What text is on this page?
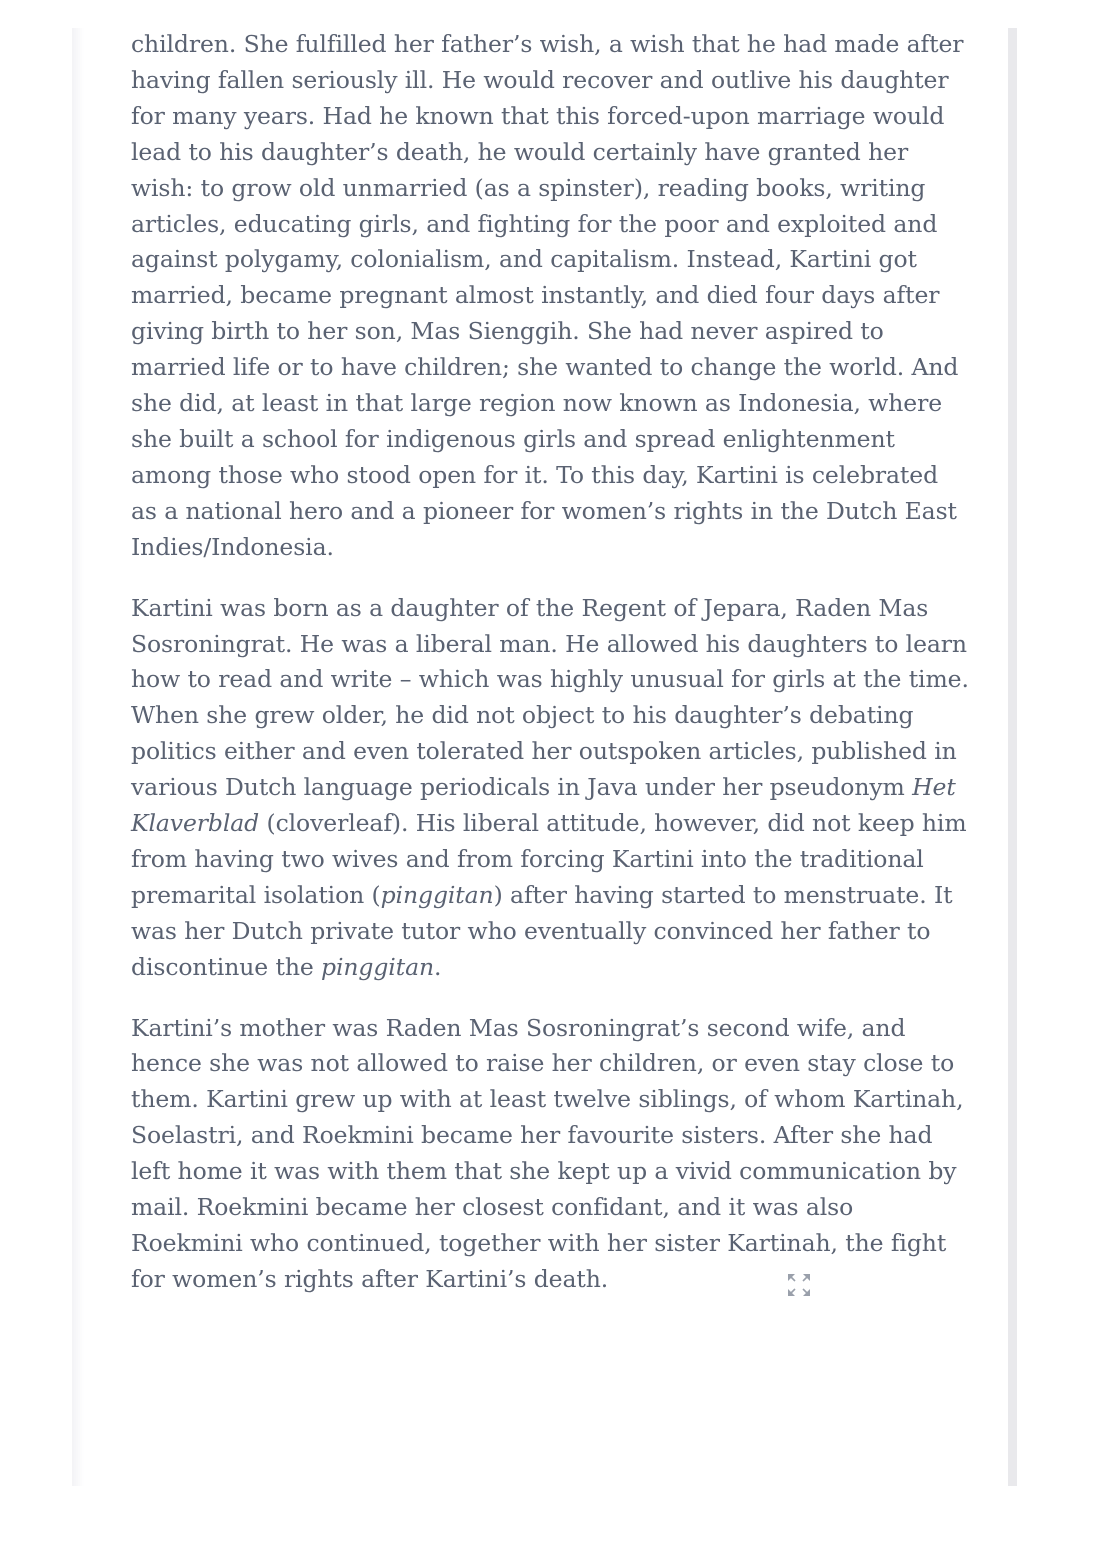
children. She fulfilled her father’s wish, a wish that he had made after having fallen seriously ill. He would recover and outlive his daughter for many years. Had he known that this forced-upon marriage would lead to his daughter’s death, he would certainly have granted her wish: to grow old unmarried (as a spinster), reading books, writing articles, educating girls, and fighting for the poor and exploited and against polygamy, colonialism, and capitalism. Instead, Kartini got married, became pregnant almost instantly, and died four days after giving birth to her son, Mas Sienggih. She had never aspired to married life or to have children; she wanted to change the world. And she did, at least in that large region now known as Indonesia, where she built a school for indigenous girls and spread enlightenment among those who stood open for it. To this day, Kartini is celebrated as a national hero and a pioneer for women’s rights in the Dutch East Indies/Indonesia.

Kartini was born as a daughter of the Regent of Jepara, Raden Mas Sosroningrat. He was a liberal man. He allowed his daughters to learn how to read and write – which was highly unusual for girls at the time. When she grew older, he did not object to his daughter’s debating politics either and even tolerated her outspoken articles, published in various Dutch language periodicals in Java under her pseudonym Het Klaverblad (cloverleaf). His liberal attitude, however, did not keep him from having two wives and from forcing Kartini into the traditional premarital isolation (pinggitan) after having started to menstruate. It was her Dutch private tutor who eventually convinced her father to discontinue the pinggitan.

Kartini’s mother was Raden Mas Sosroningrat’s second wife, and hence she was not allowed to raise her children, or even stay close to them. Kartini grew up with at least twelve siblings, of whom Kartinah, Soelastri, and Roekmini became her favourite sisters. After she had left home it was with them that she kept up a vivid communication by mail. Roekmini became her closest confidant, and it was also Roekmini who continued, together with her sister Kartinah, the fight for women’s rights after Kartini’s death.
